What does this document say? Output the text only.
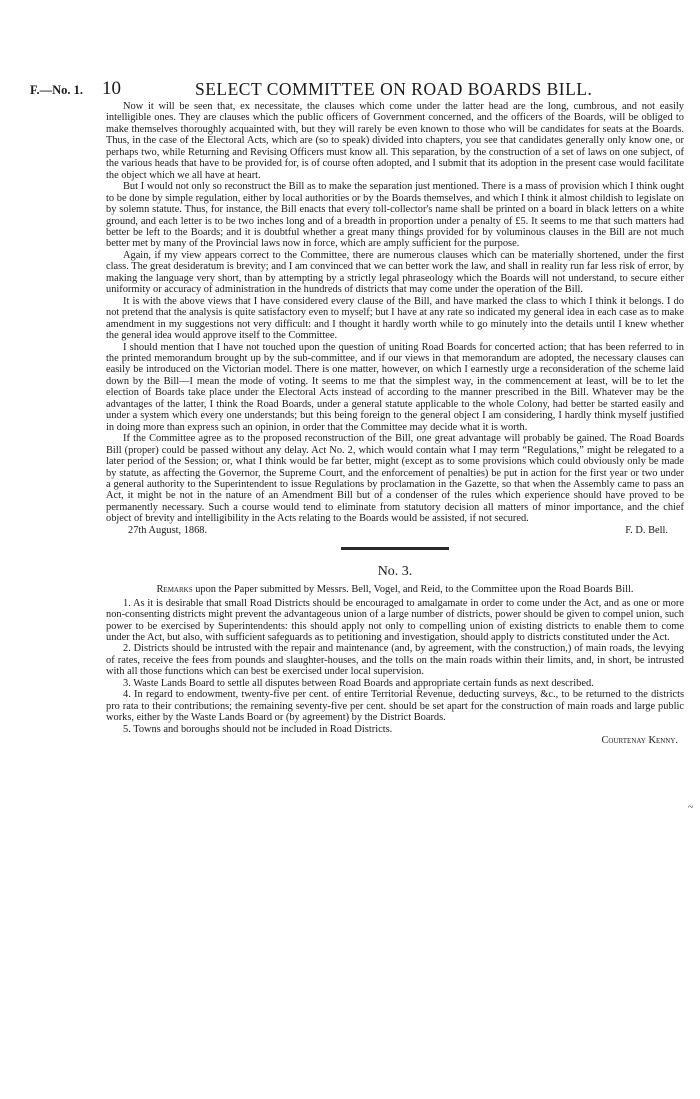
F.—No. 1. 10	SELECT COMMITTEE ON ROAD BOARDS BILL.

Now it will be seen that, ex necessitate, the clauses which come under the latter head are the long, cumbrous, and not easily intelligible ones. They are clauses which the public officers of Government concerned, and the officers of the Boards, will be obliged to make themselves thoroughly acquainted with, but they will rarely be even known to those who will be candidates for seats at the Boards. Thus, in the case of the Electoral Acts, which are (so to speak) divided into chapters, you see that candidates generally only know one, or perhaps two, while Returning and Revising Officers must know all. This separation, by the construction of a set of laws on one subject, of the various heads that have to be provided for, is of course often adopted, and I submit that its adoption in the present case would facilitate the object which we all have at heart.

But I would not only so reconstruct the Bill as to make the separation just mentioned. There is a mass of provision which I think ought to be done by simple regulation, either by local authorities or by the Boards themselves, and which I think it almost childish to legislate on by solemn statute. Thus, for instance, the Bill enacts that every toll-collector's name shall be printed on a board in black letters on a white ground, and each letter is to be two inches long and of a breadth in proportion under a penalty of £5. It seems to me that such matters had better be left to the Boards; and it is doubtful whether a great many things provided for by voluminous clauses in the Bill are not much better met by many of the Provincial laws now in force, which are amply sufficient for the purpose.

Again, if my view appears correct to the Committee, there are numerous clauses which can be materially shortened, under the first class. The great desideratum is brevity; and I am convinced that we can better work the law, and shall in reality run far less risk of error, by making the language very short, than by attempting by a strictly legal phraseology which the Boards will not understand, to secure either uniformity or accuracy of administration in the hundreds of districts that may come under the operation of the Bill.

It is with the above views that I have considered every clause of the Bill, and have marked the class to which I think it belongs. I do not pretend that the analysis is quite satisfactory even to myself; but I have at any rate so indicated my general idea in each case as to make amendment in my suggestions not very difficult: and I thought it hardly worth while to go minutely into the details until I knew whether the general idea would approve itself to the Committee.

I should mention that I have not touched upon the question of uniting Road Boards for concerted action; that has been referred to in the printed memorandum brought up by the sub-committee, and if our views in that memorandum are adopted, the necessary clauses can easily be introduced on the Victorian model. There is one matter, however, on which I earnestly urge a reconsideration of the scheme laid down by the Bill—I mean the mode of voting. It seems to me that the simplest way, in the commencement at least, will be to let the election of Boards take place under the Electoral Acts instead of according to the manner prescribed in the Bill. Whatever may be the advantages of the latter, I think the Road Boards, under a general statute applicable to the whole Colony, had better be started easily and under a system which every one understands; but this being foreign to the general object I am considering, I hardly think myself justified in doing more than express such an opinion, in order that the Committee may decide what it is worth.

If the Committee agree as to the proposed reconstruction of the Bill, one great advantage will probably be gained. The Road Boards Bill (proper) could be passed without any delay. Act No. 2, which would contain what I may term “Regulations,” might be relegated to a later period of the Session; or, what I think would be far better, might (except as to some provisions which could obviously only be made by statute, as affecting the Governor, the Supreme Court, and the enforcement of penalties) be put in action for the first year or two under a general authority to the Superintendent to issue Regulations by proclamation in the Gazette, so that when the Assembly came to pass an Act, it might be not in the nature of an Amendment Bill but of a condenser of the rules which experience should have proved to be permanently necessary. Such a course would tend to eliminate from statutory decision all matters of minor importance, and the chief object of brevity and intelligibility in the Acts relating to the Boards would be assisted, if not secured.

27th August, 1868.	F. D. Bell.
No. 3.

Remarks upon the Paper submitted by Messrs. Bell, Vogel, and Reid, to the Committee upon the Road Boards Bill.

1. As it is desirable that small Road Districts should be encouraged to amalgamate in order to come under the Act, and as one or more non-consenting districts might prevent the advantageous union of a large number of districts, power should be given to compel union, such power to be exercised by Superintendents: this should apply not only to compelling union of existing districts to enable them to come under the Act, but also, with sufficient safeguards as to petitioning and investigation, should apply to districts constituted under the Act.

2. Districts should be intrusted with the repair and maintenance (and, by agreement, with the construction,) of main roads, the levying of rates, receive the fees from pounds and slaughter-houses, and the tolls on the main roads within their limits, and, in short, be intrusted with all those functions which can best be exercised under local supervision.

3. Waste Lands Board to settle all disputes between Road Boards and appropriate certain funds as next described.

4. In regard to endowment, twenty-five per cent. of entire Territorial Revenue, deducting surveys, &c., to be returned to the districts pro rata to their contributions; the remaining seventy-five per cent. should be set apart for the construction of main roads and large public works, either by the Waste Lands Board or (by agreement) by the District Boards.

5. Towns and boroughs should not be included in Road Districts.

Courtenay Kenny.
~
